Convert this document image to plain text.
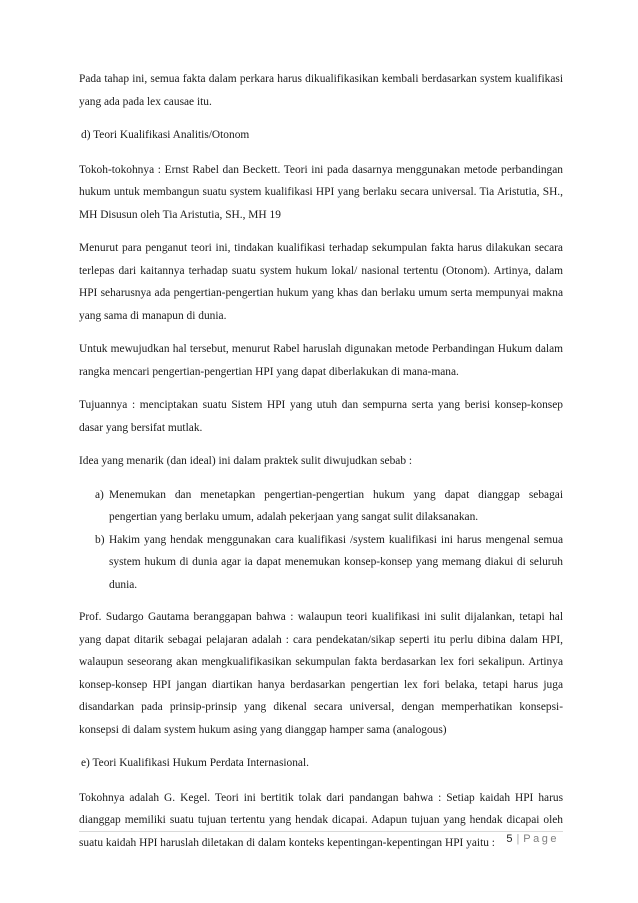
Pada tahap ini, semua fakta dalam perkara harus dikualifikasikan kembali berdasarkan system kualifikasi yang ada pada lex causae itu.

d) Teori Kualifikasi Analitis/Otonom

Tokoh-tokohnya : Ernst Rabel dan Beckett. Teori ini pada dasarnya menggunakan metode perbandingan hukum untuk membangun suatu system kualifikasi HPI yang berlaku secara universal. Tia Aristutia, SH., MH Disusun oleh Tia Aristutia, SH., MH 19

Menurut para penganut teori ini, tindakan kualifikasi terhadap sekumpulan fakta harus dilakukan secara terlepas dari kaitannya terhadap suatu system hukum lokal/ nasional tertentu (Otonom). Artinya, dalam HPI seharusnya ada pengertian-pengertian hukum yang khas dan berlaku umum serta mempunyai makna yang sama di manapun di dunia.

Untuk mewujudkan hal tersebut, menurut Rabel haruslah digunakan metode Perbandingan Hukum dalam rangka mencari pengertian-pengertian HPI yang dapat diberlakukan di mana-mana.

Tujuannya : menciptakan suatu Sistem HPI yang utuh dan sempurna serta yang berisi konsep-konsep dasar yang bersifat mutlak.

Idea yang menarik (dan ideal) ini dalam praktek sulit diwujudkan sebab :

a) Menemukan dan menetapkan pengertian-pengertian hukum yang dapat dianggap sebagai pengertian yang berlaku umum, adalah pekerjaan yang sangat sulit dilaksanakan.
b) Hakim yang hendak menggunakan cara kualifikasi /system kualifikasi ini harus mengenal semua system hukum di dunia agar ia dapat menemukan konsep-konsep yang memang diakui di seluruh dunia.

Prof. Sudargo Gautama beranggapan bahwa : walaupun teori kualifikasi ini sulit dijalankan, tetapi hal yang dapat ditarik sebagai pelajaran adalah : cara pendekatan/sikap seperti itu perlu dibina dalam HPI, walaupun seseorang akan mengkualifikasikan sekumpulan fakta berdasarkan lex fori sekalipun. Artinya konsep-konsep HPI jangan diartikan hanya berdasarkan pengertian lex fori belaka, tetapi harus juga disandarkan pada prinsip-prinsip yang dikenal secara universal, dengan memperhatikan konsepsi-konsepsi di dalam system hukum asing yang dianggap hamper sama (analogous)

e) Teori Kualifikasi Hukum Perdata Internasional.

Tokohnya adalah G. Kegel. Teori ini bertitik tolak dari pandangan bahwa : Setiap kaidah HPI harus dianggap memiliki suatu tujuan tertentu yang hendak dicapai. Adapun tujuan yang hendak dicapai oleh suatu kaidah HPI haruslah diletakan di dalam konteks kepentingan-kepentingan HPI yaitu :	5 | Page
